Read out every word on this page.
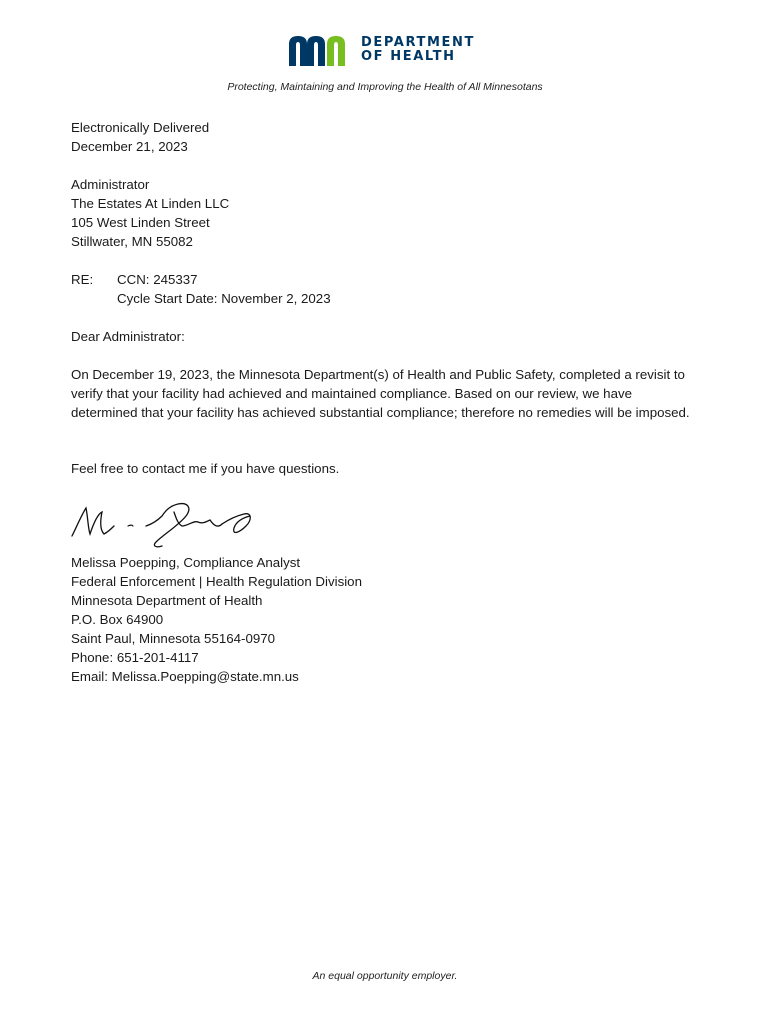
DEPARTMENT
OF HEALTH
Protecting, Maintaining and Improving the Health of All Minnesotans
Electronically Delivered
December 21, 2023
Administrator
The Estates At Linden LLC
105 West Linden Street
Stillwater, MN 55082
RE: CCN: 245337
Cycle Start Date: November 2, 2023
Dear Administrator:

On December 19, 2023, the Minnesota Department(s) of Health and Public Safety, completed a revisit to verify that your facility had achieved and maintained compliance. Based on our review, we have determined that your facility has achieved substantial compliance; therefore no remedies will be imposed.

Feel free to contact me if you have questions.
Melissa Poepping, Compliance Analyst
Federal Enforcement | Health Regulation Division
Minnesota Department of Health
P.O. Box 64900
Saint Paul, Minnesota 55164-0970
Phone: 651-201-4117
Email: Melissa.Poepping@state.mn.us
An equal opportunity employer.
